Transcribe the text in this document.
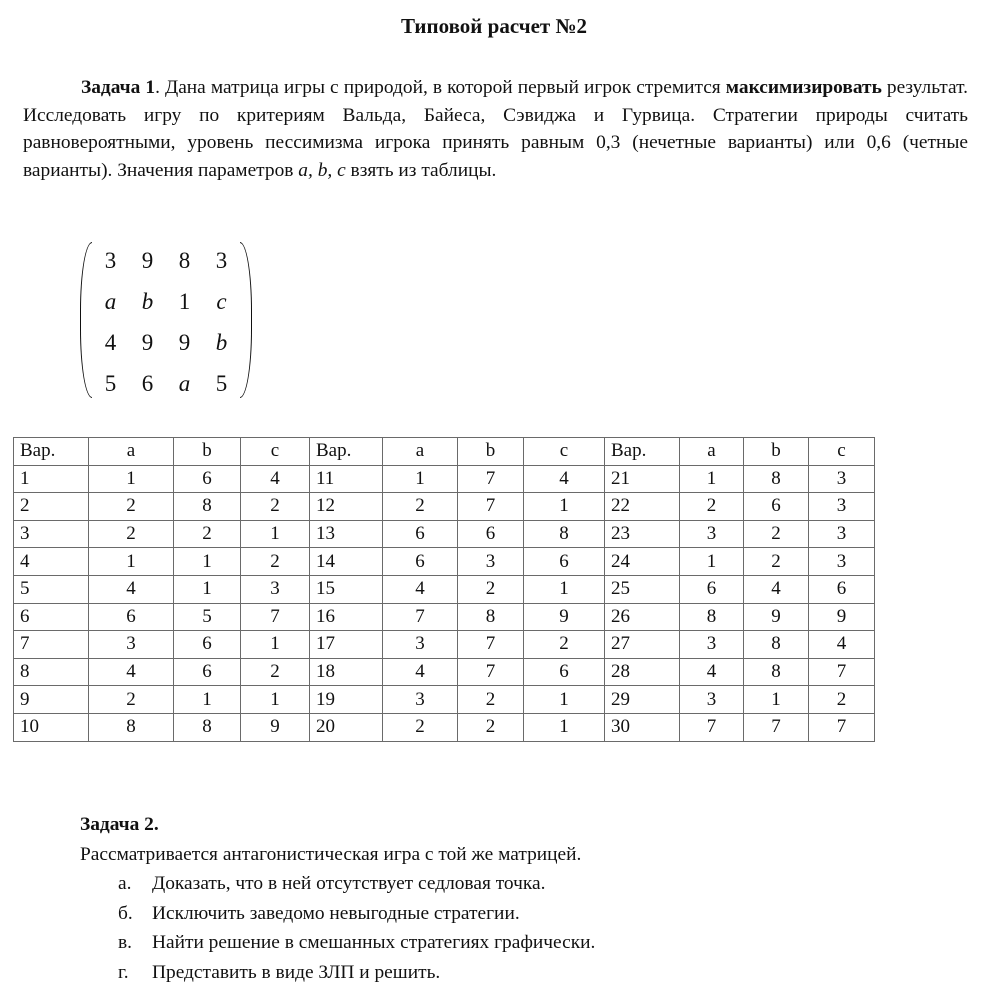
Типовой расчет №2
Задача 1. Дана матрица игры с природой, в которой первый игрок стремится максимизировать результат. Исследовать игру по критериям Вальда, Байеса, Сэвиджа и Гурвица. Стратегии природы считать равновероятными, уровень пессимизма игрока принять равным 0,3 (нечетные варианты) или 0,6 (четные варианты). Значения параметров a, b, c взять из таблицы.
3 9 8 3
a b 1 c
4 9 9 b
5 6 a 5
Вар.	a	b	c	Вар.	a	b	c	Вар.	a	b	c
1	1	6	4	11	1	7	4	21	1	8	3
2	2	8	2	12	2	7	1	22	2	6	3
3	2	2	1	13	6	6	8	23	3	2	3
4	1	1	2	14	6	3	6	24	1	2	3
5	4	1	3	15	4	2	1	25	6	4	6
6	6	5	7	16	7	8	9	26	8	9	9
7	3	6	1	17	3	7	2	27	3	8	4
8	4	6	2	18	4	7	6	28	4	8	7
9	2	1	1	19	3	2	1	29	3	1	2
10	8	8	9	20	2	2	1	30	7	7	7
Задача 2.
Рассматривается антагонистическая игра с той же матрицей.
а.	Доказать, что в ней отсутствует седловая точка.
б. Исключить заведомо невыгодные стратегии.
в.	Найти решение в смешанных стратегиях графически.
г.	Представить в виде ЗЛП и решить.
